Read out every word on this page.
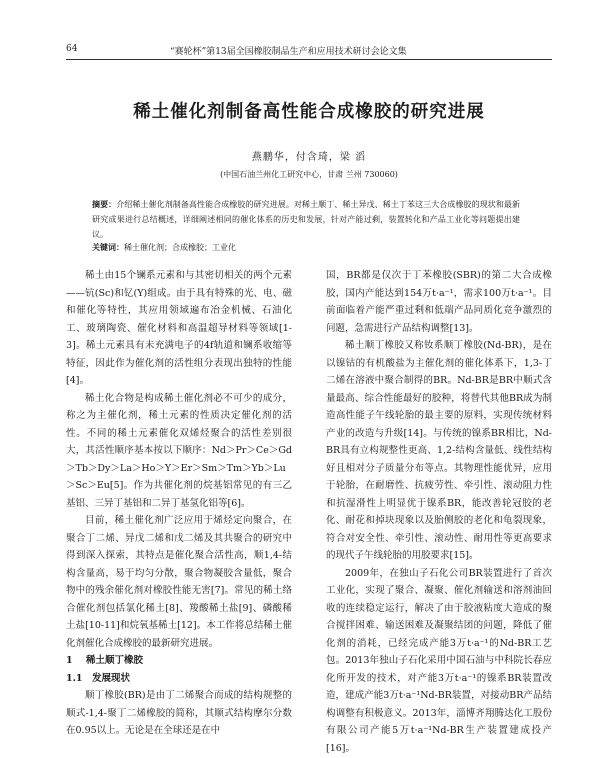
64	“赛轮杯”第13届全国橡胶制品生产和应用技术研讨会论文集
稀土催化剂制备高性能合成橡胶的研究进展
燕鹏华，付含琦，梁 滔
(中国石油兰州化工研究中心，甘肃 兰州 730060)
摘要：介绍稀土催化剂制备高性能合成橡胶的研究进展。对稀土顺丁、稀土异戊、稀土丁苯这三大合成橡胶的现状和最新研究成果进行总结概述，详细阐述相同的催化体系的历史和发展，针对产能过剩，装置转化和产品工业化等问题提出建议。
关键词：稀土催化剂；合成橡胶；工业化

稀土由15个镧系元素和与其密切相关的两个元素——钪(Sc)和钇(Y)组成。由于具有特殊的光、电、磁和催化等特性，其应用领域遍布冶金机械、石油化工、玻璃陶瓷、催化材料和高温超导材料等领域[1-3]。稀土元素具有未充满电子的4f轨道和镧系收缩等特征，因此作为催化剂的活性组分表现出独特的性能[4]。

稀土化合物是构成稀土催化剂必不可少的成分，称之为主催化剂，稀土元素的性质决定催化剂的活性。不同的稀土元素催化双烯烃聚合的活性差别很大，其活性顺序基本按以下顺序：Nd＞Pr＞Ce＞Gd＞Tb＞Dy＞La＞Ho＞Y＞Er＞Sm＞Tm＞Yb＞Lu＞Sc＞Eu[5]。作为共催化剂的烷基铝常见的有三乙基铝、三异丁基铝和二异丁基氢化铝等[6]。

目前，稀土催化剂广泛应用于烯烃定向聚合，在聚合丁二烯、异戊二烯和戊二烯及其共聚合的研究中得到深入探索，其特点是催化聚合活性高，顺1,4-结构含量高，易于均匀分散，聚合物凝胶含量低，聚合物中的残余催化剂对橡胶性能无害[7]。常见的稀土络合催化剂包括氯化稀土[8]、羧酸稀土盐[9]、磷酸稀土盐[10-11]和烷氧基稀土[12]。本工作将总结稀土催化剂催化合成橡胶的最新研究进展。

1 稀土顺丁橡胶

1.1 发展现状

顺丁橡胶(BR)是由丁二烯聚合而成的结构规整的顺式-1,4-聚丁二烯橡胶的简称，其顺式结构摩尔分数在0.95以上。无论是在全球还是在中

国，BR都是仅次于丁苯橡胶(SBR)的第二大合成橡胶，国内产能达到154万t·a⁻¹，需求100万t·a⁻¹。目前面临着产能严重过剩和低端产品同质化竞争激烈的问题，急需进行产品结构调整[13]。

稀土顺丁橡胶又称钕系顺丁橡胶(Nd-BR)，是在以镍钴的有机酸盐为主催化剂的催化体系下，1,3-丁二烯在溶液中聚合制得的BR。Nd-BR是BR中顺式含量最高、综合性能最好的胶种，将替代其他BR成为制造高性能子午线轮胎的最主要的原料，实现传统材料产业的改造与升级[14]。与传统的镍系BR相比，Nd-BR具有立构规整性更高、1,2-结构含量低、线性结构好且相对分子质量分布等点。其物理性能优异，应用于轮胎，在耐磨性、抗疲劳性、牵引性、滚动阻力性和抗湿滑性上明显优于镍系BR，能改善轮冠胶的老化、耐花和掉块现象以及胎侧胶的老化和龟裂现象，符合对安全性、牵引性、滚动性、耐用性等更高要求的现代子午线轮胎的用胶要求[15]。

2009年，在独山子石化公司BR装置进行了首次工业化，实现了聚合、凝聚、催化剂输送和溶剂油回收的连续稳定运行，解决了由于胶液粘度大造成的聚合搅拌困难、输送困难及凝聚结团的问题，降低了催化剂的消耗，已经完成产能3万t·a⁻¹的Nd-BR工艺包。2013年独山子石化采用中国石油与中科院长春应化所开发的技术，对产能3万t·a⁻¹的镍系BR装置改造，建成产能3万t·a⁻¹Nd-BR装置，对接动BR产品结构调整有积极意义。2013年，淄博齐翔腾达化工股份有限公司产能5万t·a⁻¹Nd-BR生产装置建成投产[16]。
